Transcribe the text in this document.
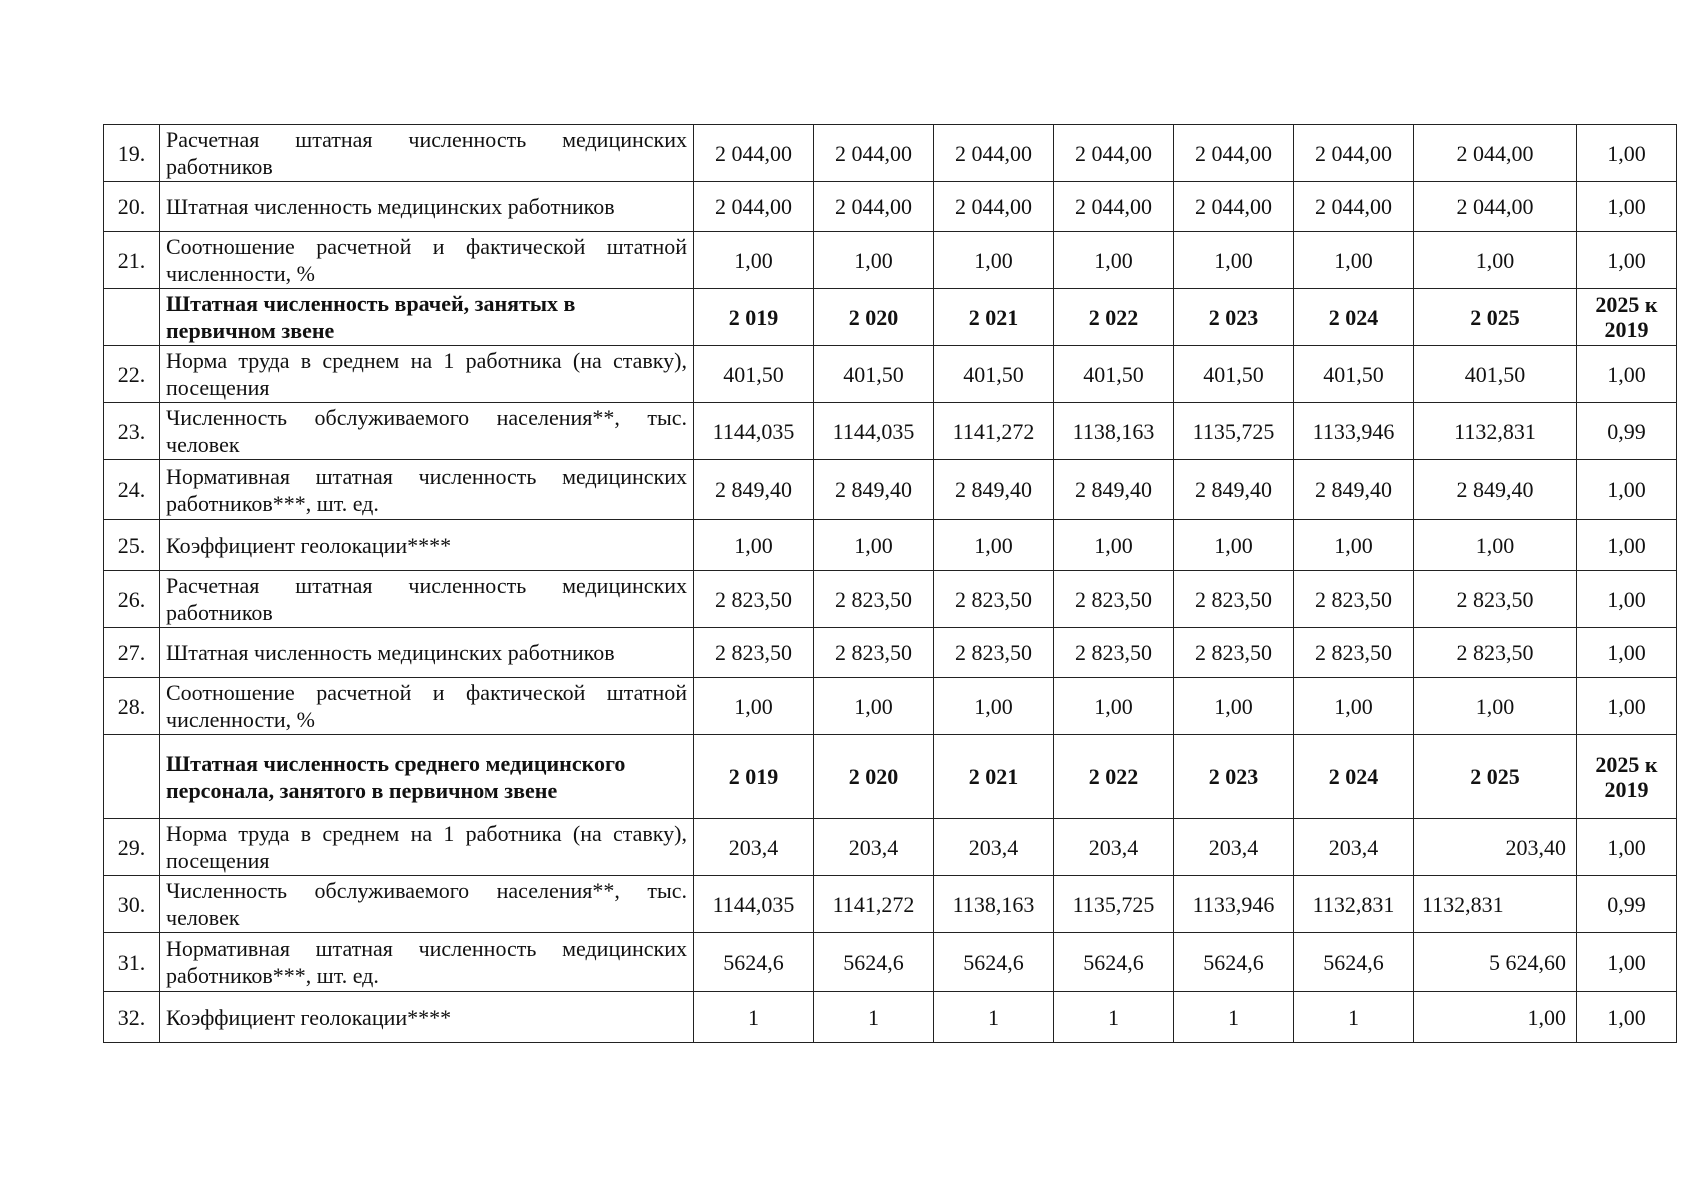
19.	Расчетная штатная численность медицинских работников	2 044,00	2 044,00	2 044,00	2 044,00	2 044,00	2 044,00	2 044,00	1,00
20.	Штатная численность медицинских работников	2 044,00	2 044,00	2 044,00	2 044,00	2 044,00	2 044,00	2 044,00	1,00
21.	Соотношение расчетной и фактической штатной численности, %	1,00	1,00	1,00	1,00	1,00	1,00	1,00	1,00
	Штатная численность врачей, занятых в первичном звене	2 019	2 020	2 021	2 022	2 023	2 024	2 025	2025 к 2019
22.	Норма труда в среднем на 1 работника (на ставку), посещения	401,50	401,50	401,50	401,50	401,50	401,50	401,50	1,00
23.	Численность обслуживаемого населения**, тыс. человек	1144,035	1144,035	1141,272	1138,163	1135,725	1133,946	1132,831	0,99
24.	Нормативная штатная численность медицинских работников***, шт. ед.	2 849,40	2 849,40	2 849,40	2 849,40	2 849,40	2 849,40	2 849,40	1,00
25.	Коэффициент геолокации****	1,00	1,00	1,00	1,00	1,00	1,00	1,00	1,00
26.	Расчетная штатная численность медицинских работников	2 823,50	2 823,50	2 823,50	2 823,50	2 823,50	2 823,50	2 823,50	1,00
27.	Штатная численность медицинских работников	2 823,50	2 823,50	2 823,50	2 823,50	2 823,50	2 823,50	2 823,50	1,00
28.	Соотношение расчетной и фактической штатной численности, %	1,00	1,00	1,00	1,00	1,00	1,00	1,00	1,00
	Штатная численность среднего медицинского персонала, занятого в первичном звене	2 019	2 020	2 021	2 022	2 023	2 024	2 025	2025 к 2019
29.	Норма труда в среднем на 1 работника (на ставку), посещения	203,4	203,4	203,4	203,4	203,4	203,4	203,40	1,00
30.	Численность обслуживаемого населения**, тыс. человек	1144,035	1141,272	1138,163	1135,725	1133,946	1132,831	1132,831	0,99
31.	Нормативная штатная численность медицинских работников***, шт. ед.	5624,6	5624,6	5624,6	5624,6	5624,6	5624,6	5 624,60	1,00
32.	Коэффициент геолокации****	1	1	1	1	1	1	1,00	1,00
